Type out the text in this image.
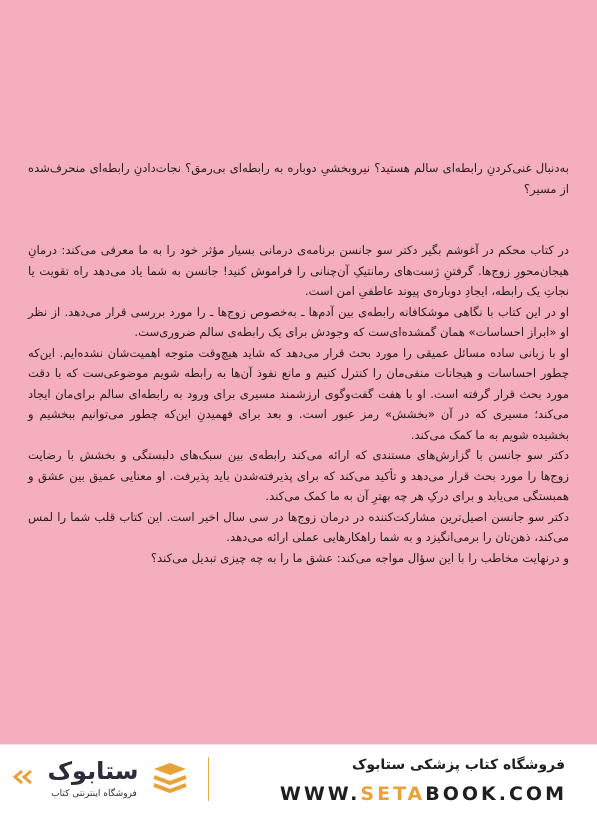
به‌دنبال غنی‌کردنِ رابطه‌ای سالم هستید؟ نیروبخشیِ دوباره به رابطه‌ای بی‌رمق؟ نجات‌دادنِ رابطه‌ای منحرف‌شده از مسیر؟

در کتاب محکم در آغوشم بگیر دکتر سو جانسن برنامه‌ی درمانی بسیار مؤثر خود را به ما معرفی می‌کند: درمانِ هیجان‌محورِ زوج‌ها. گرفتنِ ژست‌های رمانتیکِ آن‌چنانی را فراموش کنید! جانسن به شما یاد می‌دهد راه تقویت یا نجاتِ یک رابطه، ایجادِ دوباره‌ی پیوند عاطفیِ امن است.

او در این کتاب با نگاهی موشکافانه رابطه‌ی بین آدم‌ها ـ به‌خصوص زوج‌ها ـ را مورد بررسی قرار می‌دهد. از نظر او «ابراز احساسات» همان گمشده‌ای‌ست که وجودش برای یک رابطه‌ی سالم ضروری‌ست.

او با زبانی ساده مسائل عمیقی را مورد بحث قرار می‌دهد که شاید هیچ‌وقت متوجه اهمیت‌شان نشده‌ایم. این‌که چطور احساسات و هیجانات منفی‌مان را کنترل کنیم و مانع نفوذ آن‌ها به رابطه شویم موضوعی‌ست که با دقت مورد بحث قرار گرفته است. او با هفت گفت‌وگوی ارزشمند مسیری برای ورود به رابطه‌ای سالم برای‌مان ایجاد می‌کند؛ مسیری که در آن «بخشش» رمز عبور است. و بعد برای فهمیدنِ این‌که چطور می‌توانیم ببخشیم و بخشیده شویم به ما کمک می‌کند.

دکتر سو جانسن با گزارش‌های مستندی که ارائه می‌کند رابطه‌ی بین سبک‌های دلبستگی و بخشش با رضایت زوج‌ها را مورد بحث قرار می‌دهد و تأکید می‌کند که برای پذیرفته‌شدن باید پذیرفت. او معنایی عمیق بین عشق و همبستگی می‌یابد و برای درکِ هر چه بهترِ آن به ما کمک می‌کند.

دکتر سو جانسن اصیل‌ترین مشارکت‌کننده در درمان زوج‌ها در سی سال اخیر است. این کتاب قلب شما را لمس می‌کند، ذهن‌تان را برمی‌انگیزد و به شما راهکارهایی عملی ارائه می‌دهد.

و درنهایت مخاطب را با این سؤال مواجه می‌کند: عشق ما را به چه چیزی تبدیل می‌کند؟

ستابوک
فروشگاه اینترنتی کتاب
فروشگاه کتاب پزشکی ستابوک
WWW.SETABOOK.COM
